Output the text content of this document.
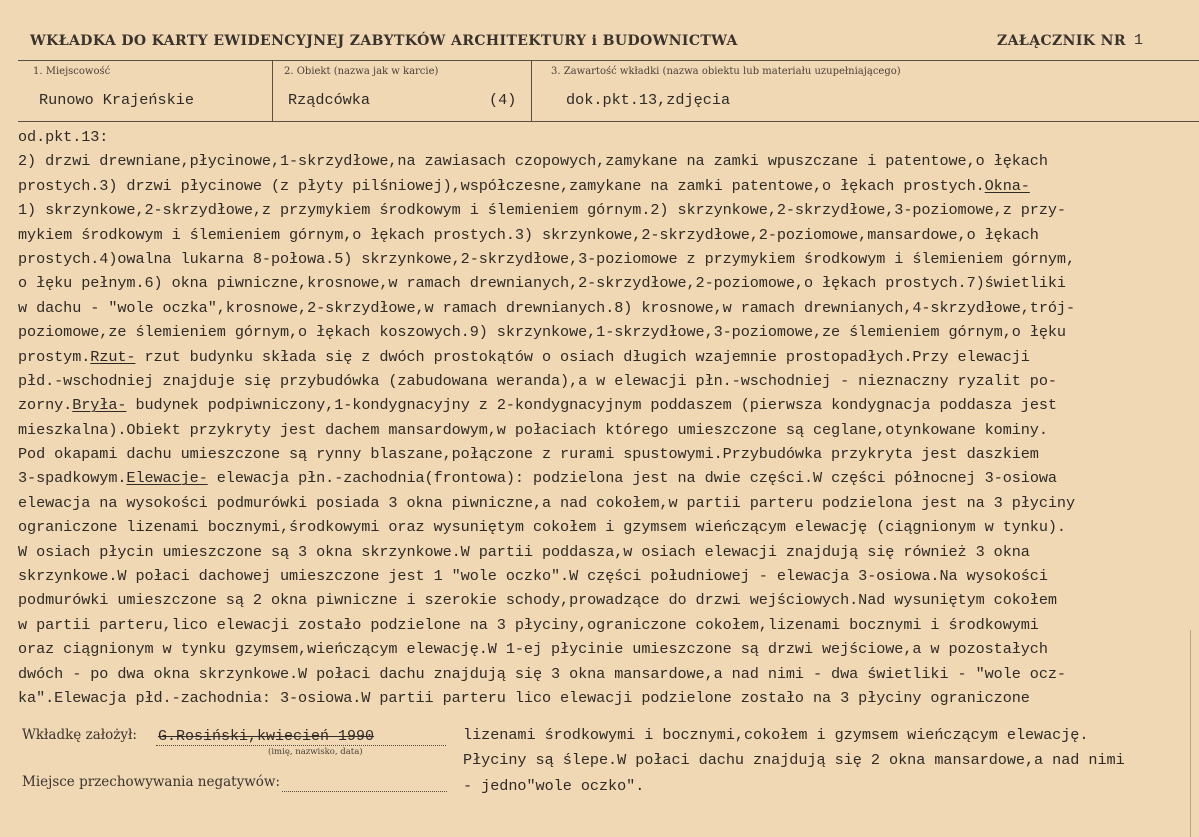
WKŁADKA DO KARTY EWIDENCYJNEJ ZABYTKÓW ARCHITEKTURY i BUDOWNICTWA	ZAŁĄCZNIK NR 1
1. Miejscowość	2. Obiekt (nazwa jak w karcie)	3. Zawartość wkładki (nazwa obiektu lub materiału uzupełniającego)
Runowo Krajeńskie	Rządcówka	(4)	dok.pkt.13,zdjęcia
od.pkt.13:
2) drzwi drewniane,płycinowe,1-skrzydłowe,na zawiasach czopowych,zamykane na zamki wpuszczane i patentowe,o łękach
prostych.3) drzwi płycinowe (z płyty pilśniowej),współczesne,zamykane na zamki patentowe,o łękach prostych.Okna-
1) skrzynkowe,2-skrzydłowe,z przymykiem środkowym i ślemieniem górnym.2) skrzynkowe,2-skrzydłowe,3-poziomowe,z przy-
mykiem środkowym i ślemieniem górnym,o łękach prostych.3) skrzynkowe,2-skrzydłowe,2-poziomowe,mansardowe,o łękach
prostych.4)owalna lukarna 8-połowa.5) skrzynkowe,2-skrzydłowe,3-poziomowe z przymykiem środkowym i ślemieniem górnym,
o łęku pełnym.6) okna piwniczne,krosnowe,w ramach drewnianych,2-skrzydłowe,2-poziomowe,o łękach prostych.7)świetliki
w dachu - "wole oczka",krosnowe,2-skrzydłowe,w ramach drewnianych.8) krosnowe,w ramach drewnianych,4-skrzydłowe,trój-
poziomowe,ze ślemieniem górnym,o łękach koszowych.9) skrzynkowe,1-skrzydłowe,3-poziomowe,ze ślemieniem górnym,o łęku
prostym.Rzut- rzut budynku składa się z dwóch prostokątów o osiach długich wzajemnie prostopadłych.Przy elewacji
płd.-wschodniej znajduje się przybudówka (zabudowana weranda),a w elewacji płn.-wschodniej - nieznaczny ryzalit po-
zorny.Bryła- budynek podpiwniczony,1-kondygnacyjny z 2-kondygnacyjnym poddaszem (pierwsza kondygnacja poddasza jest
mieszkalna).Obiekt przykryty jest dachem mansardowym,w połaciach którego umieszczone są ceglane,otynkowane kominy.
Pod okapami dachu umieszczone są rynny blaszane,połączone z rurami spustowymi.Przybudówka przykryta jest daszkiem
3-spadkowym.Elewacje- elewacja płn.-zachodnia(frontowa): podzielona jest na dwie części.W części północnej 3-osiowa
elewacja na wysokości podmurówki posiada 3 okna piwniczne,a nad cokołem,w partii parteru podzielona jest na 3 płyciny
ograniczone lizenami bocznymi,środkowymi oraz wysuniętym cokołem i gzymsem wieńczącym elewację (ciągnionym w tynku).
W osiach płycin umieszczone są 3 okna skrzynkowe.W partii poddasza,w osiach elewacji znajdują się również 3 okna
skrzynkowe.W połaci dachowej umieszczone jest 1 "wole oczko".W części południowej - elewacja 3-osiowa.Na wysokości
podmurówki umieszczone są 2 okna piwniczne i szerokie schody,prowadzące do drzwi wejściowych.Nad wysuniętym cokołem
w partii parteru,lico elewacji zostało podzielone na 3 płyciny,ograniczone cokołem,lizenami bocznymi i środkowymi
oraz ciągnionym w tynku gzymsem,wieńczącym elewację.W 1-ej płycinie umieszczone są drzwi wejściowe,a w pozostałych
dwóch - po dwa okna skrzynkowe.W połaci dachu znajdują się 3 okna mansardowe,a nad nimi - dwa świetliki - "wole ocz-
ka".Elewacja płd.-zachodnia: 3-osiowa.W partii parteru lico elewacji podzielone zostało na 3 płyciny ograniczone
Wkładkę założył: G.Rosiński,kwiecień 1990
(imię, nazwisko, data)
Miejsce przechowywania negatywów:
lizenami środkowymi i bocznymi,cokołem i gzymsem wieńczącym elewację.
Płyciny są ślepe.W połaci dachu znajdują się 2 okna mansardowe,a nad nimi
- jedno"wole oczko".
